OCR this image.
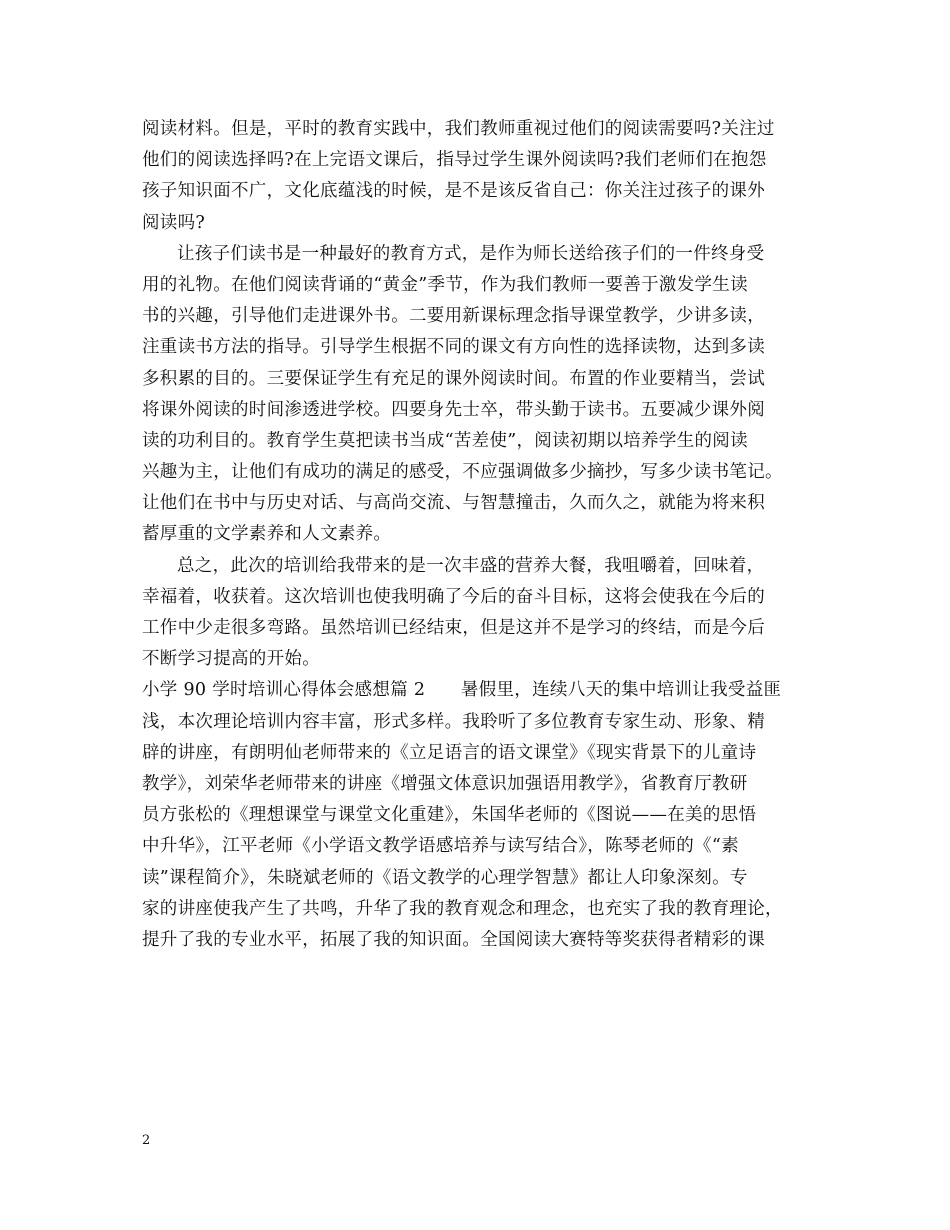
阅读材料。但是，平时的教育实践中，我们教师重视过他们的阅读需要吗?关注过
他们的阅读选择吗?在上完语文课后，指导过学生课外阅读吗?我们老师们在抱怨
孩子知识面不广，文化底蕴浅的时候，是不是该反省自己：你关注过孩子的课外
阅读吗?
让孩子们读书是一种最好的教育方式，是作为师长送给孩子们的一件终身受
用的礼物。在他们阅读背诵的“黄金”季节，作为我们教师一要善于激发学生读
书的兴趣，引导他们走进课外书。二要用新课标理念指导课堂教学，少讲多读，
注重读书方法的指导。引导学生根据不同的课文有方向性的选择读物，达到多读
多积累的目的。三要保证学生有充足的课外阅读时间。布置的作业要精当，尝试
将课外阅读的时间渗透进学校。四要身先士卒，带头勤于读书。五要减少课外阅
读的功利目的。教育学生莫把读书当成“苦差使”，阅读初期以培养学生的阅读
兴趣为主，让他们有成功的满足的感受，不应强调做多少摘抄，写多少读书笔记。
让他们在书中与历史对话、与高尚交流、与智慧撞击，久而久之，就能为将来积
蓄厚重的文学素养和人文素养。
总之，此次的培训给我带来的是一次丰盛的营养大餐，我咀嚼着，回味着，
幸福着，收获着。这次培训也使我明确了今后的奋斗目标，这将会使我在今后的
工作中少走很多弯路。虽然培训已经结束，但是这并不是学习的终结，而是今后
不断学习提高的开始。
小学 90 学时培训心得体会感想篇 2　　暑假里，连续八天的集中培训让我受益匪
浅，本次理论培训内容丰富，形式多样。我聆听了多位教育专家生动、形象、精
辟的讲座，有朗明仙老师带来的《立足语言的语文课堂》《现实背景下的儿童诗
教学》，刘荣华老师带来的讲座《增强文体意识加强语用教学》，省教育厅教研
员方张松的《理想课堂与课堂文化重建》，朱国华老师的《图说——在美的思悟
中升华》，江平老师《小学语文教学语感培养与读写结合》，陈琴老师的《“素
读”课程简介》，朱晓斌老师的《语文教学的心理学智慧》都让人印象深刻。专
家的讲座使我产生了共鸣，升华了我的教育观念和理念，也充实了我的教育理论，
提升了我的专业水平，拓展了我的知识面。全国阅读大赛特等奖获得者精彩的课
2
